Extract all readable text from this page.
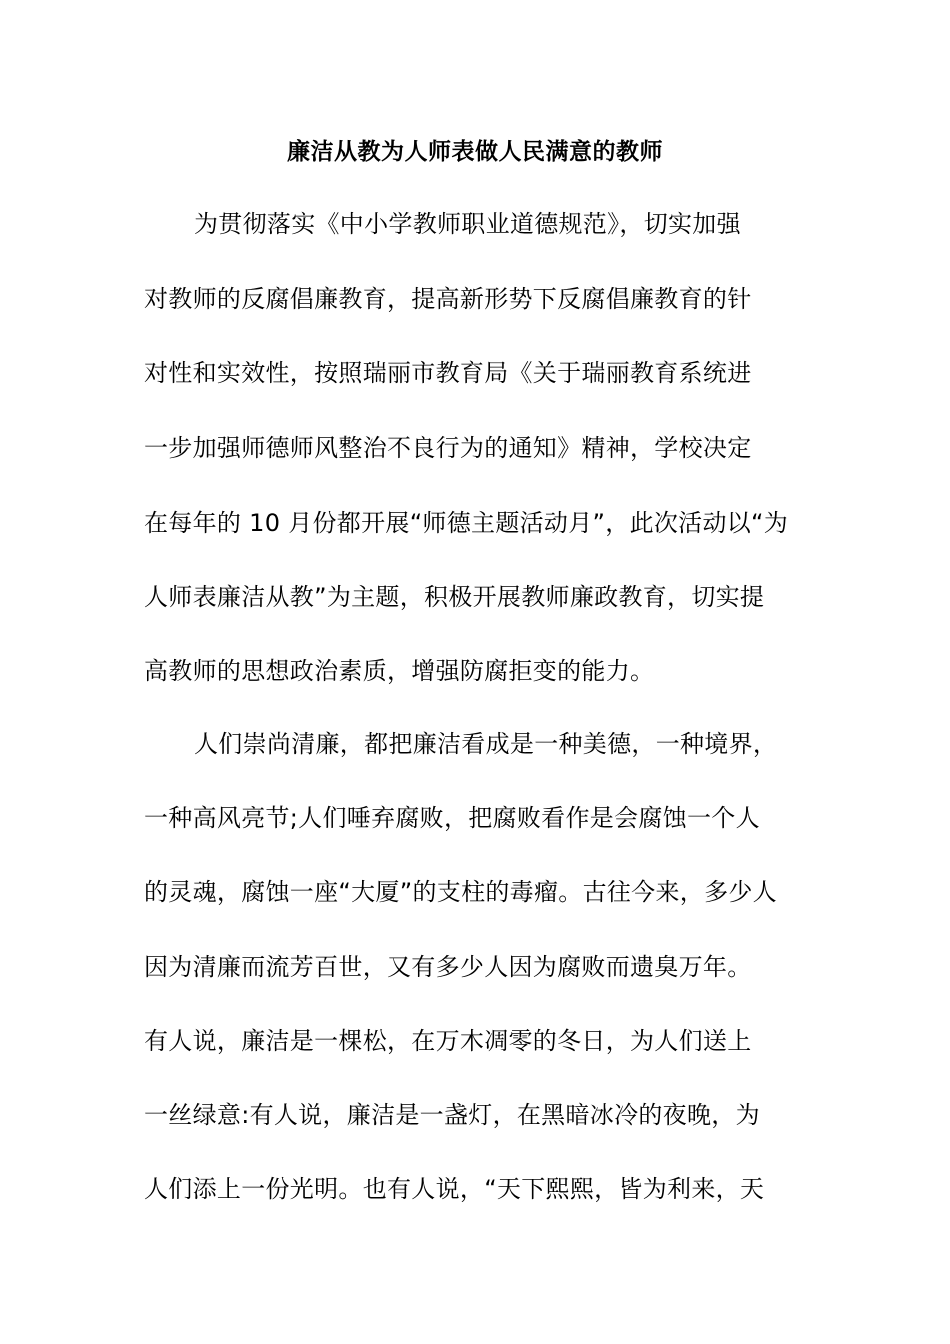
廉洁从教为人师表做人民满意的教师
为贯彻落实《中小学教师职业道德规范》，切实加强
对教师的反腐倡廉教育，提高新形势下反腐倡廉教育的针
对性和实效性，按照瑞丽市教育局《关于瑞丽教育系统进
一步加强师德师风整治不良行为的通知》精神，学校决定
在每年的 10 月份都开展“师德主题活动月”，此次活动以“为
人师表廉洁从教”为主题，积极开展教师廉政教育，切实提
高教师的思想政治素质，增强防腐拒变的能力。
人们崇尚清廉，都把廉洁看成是一种美德，一种境界，
一种高风亮节;人们唾弃腐败，把腐败看作是会腐蚀一个人
的灵魂，腐蚀一座“大厦”的支柱的毒瘤。古往今来，多少人
因为清廉而流芳百世，又有多少人因为腐败而遗臭万年。
有人说，廉洁是一棵松，在万木凋零的冬日，为人们送上
一丝绿意:有人说，廉洁是一盏灯，在黑暗冰冷的夜晚，为
人们添上一份光明。也有人说，“天下熙熙，皆为利来，天
